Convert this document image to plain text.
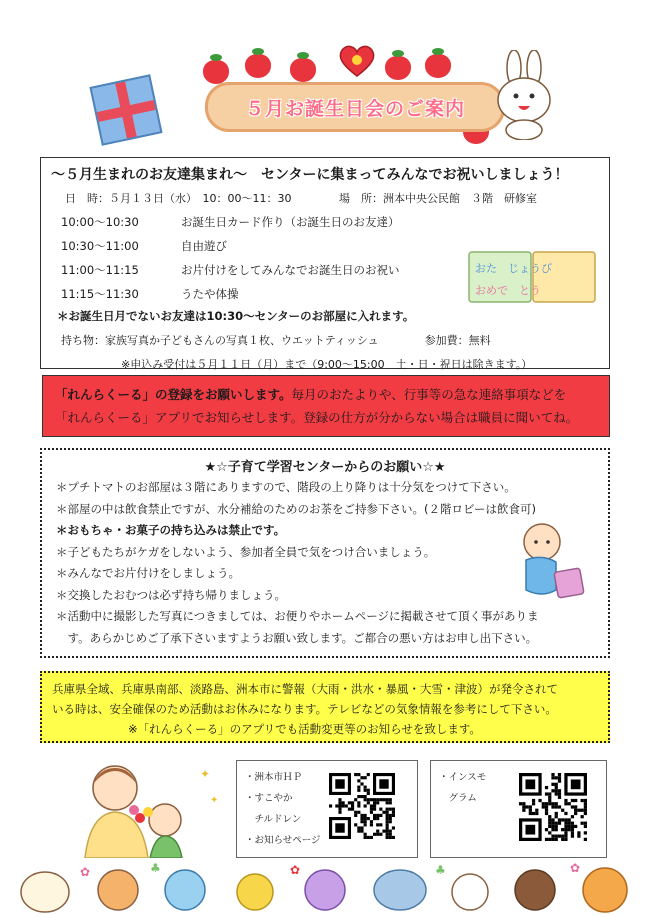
５月お誕生日会のご案内
～５月生まれのお友達集まれ～　センターに集まってみんなでお祝いしましょう！
日　時：５月１３日（水）　10：00～11：30	場　所：洲本中央公民館　３階　研修室
10:00～10:30	お誕生日カード作り（お誕生日のお友達）
10:30～11:00	自由遊び
11:00～11:15	お片付けをしてみんなでお誕生日のお祝い
11:15～11:30	うたや体操
＊お誕生日月でないお友達は10:30～センターのお部屋に入れます。
持ち物：家族写真か子どもさんの写真１枚、ウエットティッシュ	参加費：無料
※申込み受付は５月１１日（月）まで（9:00～15:00　土・日・祝日は除きます。）
おた　じょうび
おめで　とう
「れんらくーる」の登録をお願いします。毎月のおたよりや、行事等の急な連絡事項などを
「れんらくーる」アプリでお知らせします。登録の仕方が分からない場合は職員に聞いてね。
★☆子育て学習センターからのお願い☆★
＊プチトマトのお部屋は３階にありますので、階段の上り降りは十分気をつけて下さい。
＊部屋の中は飲食禁止ですが、水分補給のためのお茶をご持参下さい。(２階ロビーは飲食可)
＊おもちゃ・お菓子の持ち込みは禁止です。
＊子どもたちがケガをしないよう、参加者全員で気をつけ合いましょう。
＊みんなでお片付けをしましょう。
＊交換したおむつは必ず持ち帰りましょう。
＊活動中に撮影した写真につきましては、お便りやホームページに掲載させて頂く事がありま
　す。あらかじめご了承下さいますようお願い致します。ご都合の悪い方はお申し出下さい。
兵庫県全域、兵庫県南部、淡路島、洲本市に警報（大雨・洪水・暴風・大雪・津波）が発令されて
いる時は、安全確保のため活動はお休みになります。テレビなどの気象情報を参考にして下さい。
※「れんらくーる」のアプリでも活動変更等のお知らせを致します。
✦
✦
・洲本市ＨＰ
・すこやか
　チルドレン
・お知らせページ
・インスモ
　グラム
✿	♣	✿	♣	✿
